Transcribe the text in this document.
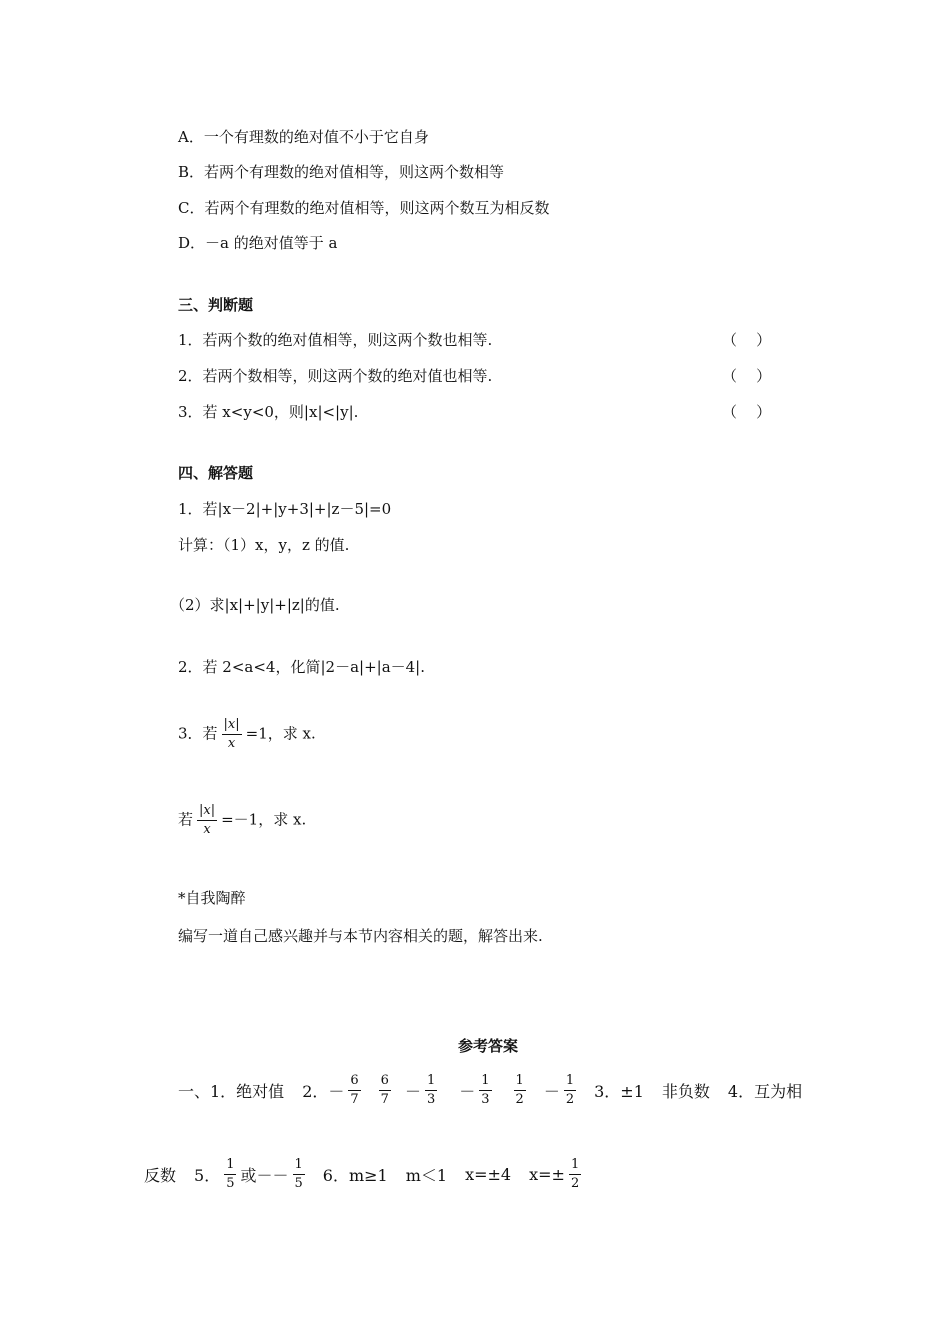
A．一个有理数的绝对值不小于它自身
B．若两个有理数的绝对值相等，则这两个数相等
C．若两个有理数的绝对值相等，则这两个数互为相反数
D．－a 的绝对值等于 a
三、判断题
1．若两个数的绝对值相等，则这两个数也相等.	（    ）
2．若两个数相等，则这两个数的绝对值也相等.	（    ）
3．若 x<y<0，则|x|<|y|.	（    ）
四、解答题
1．若|x－2|+|y+3|+|z－5|=0
计算：（1）x，y，z 的值.
（2）求|x|+|y|+|z|的值.
2．若 2<a<4，化简|2－a|+|a－4|.
3．若 $\frac{|x|}{x} =1$，求 x.
若 $\frac{|x|}{x} =-1$，求 x.
*自我陶醉
编写一道自己感兴趣并与本节内容相关的题，解答出来.
参考答案
一、1．绝对值 2．－ $\frac{6}{7} \frac{6}{7} - \frac{1}{3} - \frac{1}{3} \frac{1}{2} - \frac{1}{2} 3$．±1 非负数 4．互为相
反数 5． $\frac{1}{5}$ 或－－ $\frac{1}{5} 6$．m≥1 m＜1 x=±4 $x=\pm \frac{1}{2}$
